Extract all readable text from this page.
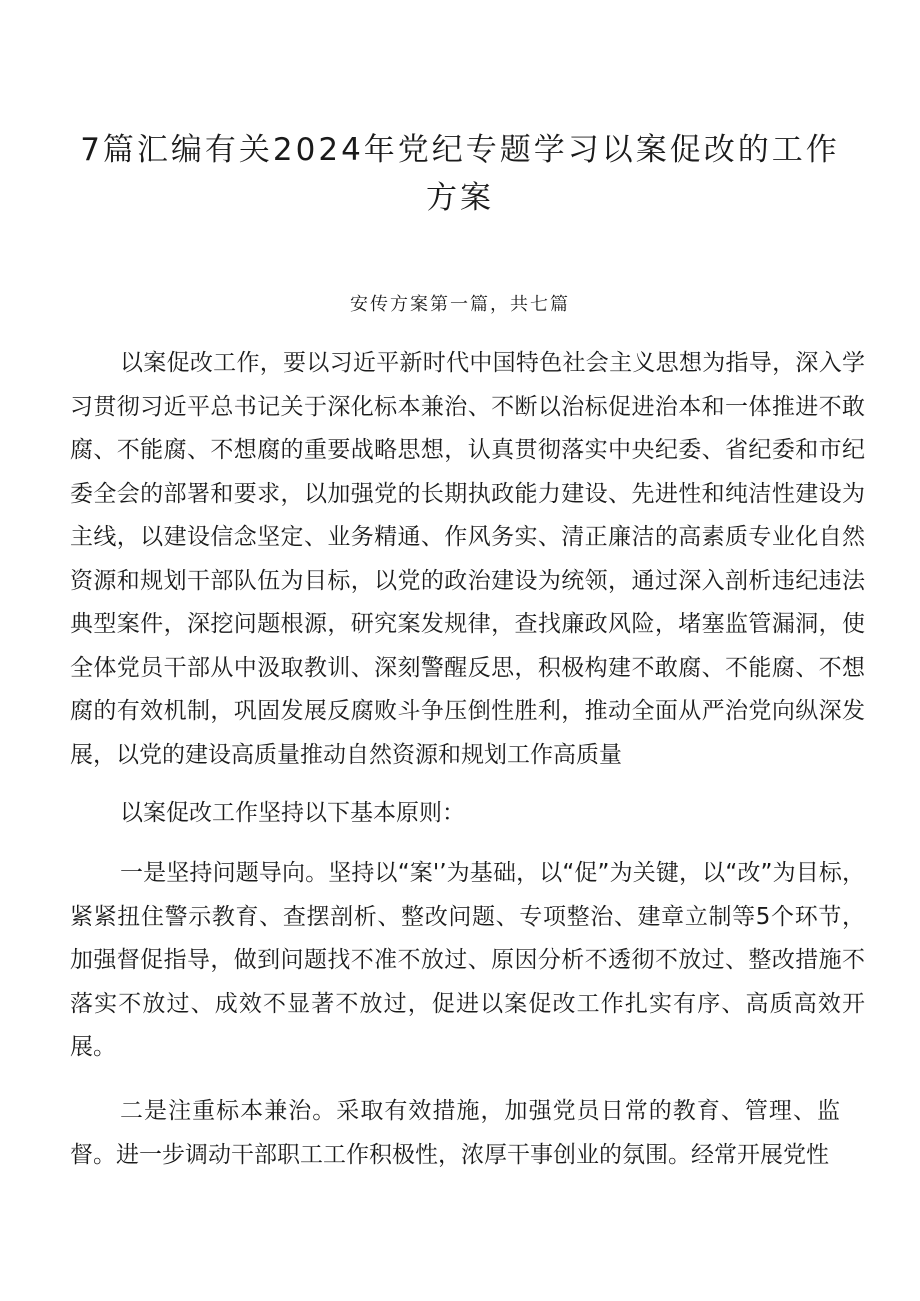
7篇汇编有关2024年党纪专题学习以案促改的工作
方案
安传方案第一篇，共七篇

以案促改工作，要以习近平新时代中国特色社会主义思想为指导，深入学习贯彻习近平总书记关于深化标本兼治、不断以治标促进治本和一体推进不敢腐、不能腐、不想腐的重要战略思想，认真贯彻落实中央纪委、省纪委和市纪委全会的部署和要求，以加强党的长期执政能力建设、先进性和纯洁性建设为主线，以建设信念坚定、业务精通、作风务实、清正廉洁的高素质专业化自然资源和规划干部队伍为目标，以党的政治建设为统领，通过深入剖析违纪违法典型案件，深挖问题根源，研究案发规律，查找廉政风险，堵塞监管漏洞，使全体党员干部从中汲取教训、深刻警醒反思，积极构建不敢腐、不能腐、不想腐的有效机制，巩固发展反腐败斗争压倒性胜利，推动全面从严治党向纵深发展，以党的建设高质量推动自然资源和规划工作高质量

以案促改工作坚持以下基本原则：

一是坚持问题导向。坚持以“案'’为基础，以“促”为关键，以“改”为目标，紧紧扭住警示教育、查摆剖析、整改问题、专项整治、建章立制等5个环节，加强督促指导，做到问题找不准不放过、原因分析不透彻不放过、整改措施不落实不放过、成效不显著不放过，促进以案促改工作扎实有序、高质高效开展。

二是注重标本兼治。采取有效措施，加强党员日常的教育、管理、监督。进一步调动干部职工工作积极性，浓厚干事创业的氛围。经常开展党性
